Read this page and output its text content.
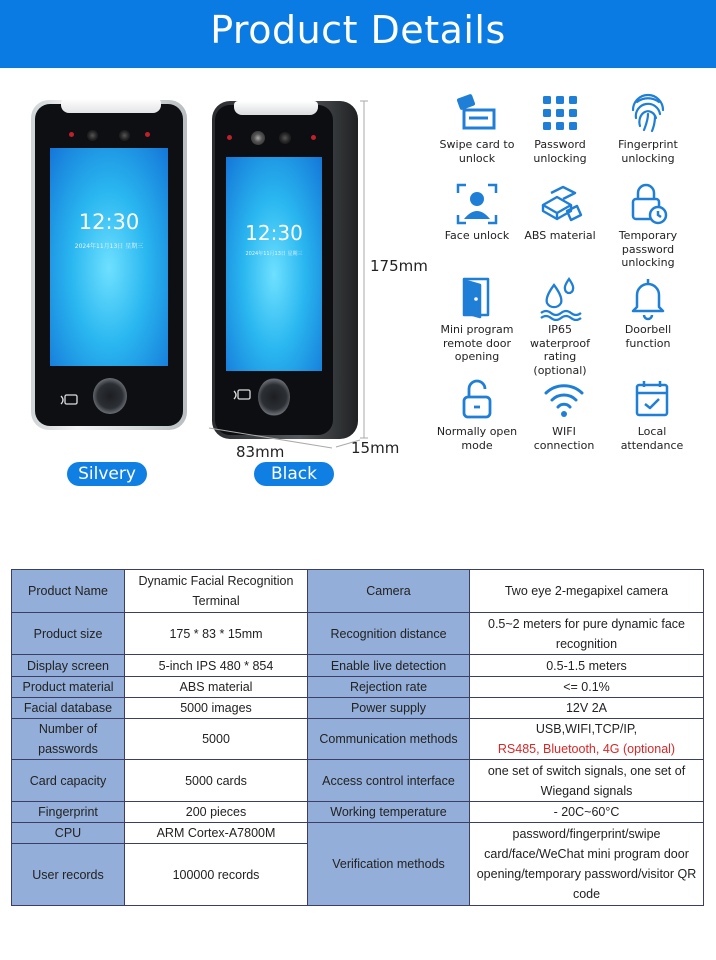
Product Details
12:30
2024年11月13日 星期三
12:30
2024年11月13日 星期三
175mm
83mm	15mm
Silvery	Black
Swipe card to unlock
Password unlocking
Fingerprint unlocking
Face unlock	ABS material	Temporary password unlocking
Mini program remote door opening
IP65 waterproof rating (optional)
Doorbell function
Normally open mode
WIFI connection
Local attendance
Product Name	Dynamic Facial Recognition Terminal	Camera	Two eye 2-megapixel camera
Product size	175 * 83 * 15mm	Recognition distance	0.5~2 meters for pure dynamic face recognition
Display screen	5-inch IPS 480 * 854	Enable live detection	0.5-1.5 meters
Product material	ABS material	Rejection rate	<= 0.1%
Facial database	5000 images	Power supply	12V 2A
Number of passwords	5000	Communication methods	USB,WIFI,TCP/IP,
RS485, Bluetooth, 4G (optional)

Card capacity	5000 cards	Access control interface	one set of switch signals, one set of Wiegand signals
Fingerprint	200 pieces	Working temperature	- 20C~60°C
CPU	ARM Cortex-A7800M	Verification methods	password/fingerprint/swipe card/face/WeChat mini program door opening/temporary password/visitor QR code
User records	100000 records		
